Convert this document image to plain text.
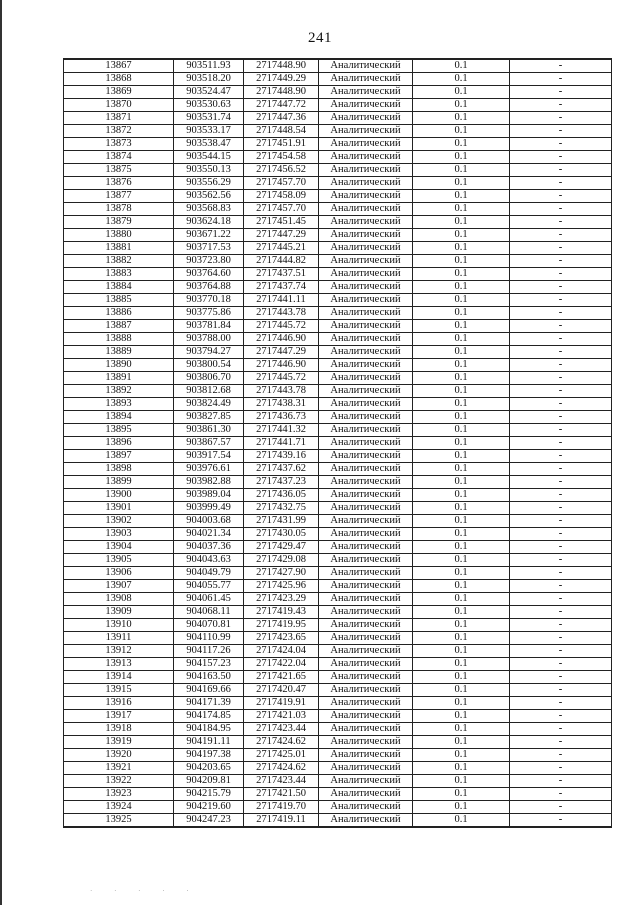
241
13867	903511.93	2717448.90	Аналитический	0.1	-
13868	903518.20	2717449.29	Аналитический	0.1	-
13869	903524.47	2717448.90	Аналитический	0.1	-
13870	903530.63	2717447.72	Аналитический	0.1	-
13871	903531.74	2717447.36	Аналитический	0.1	-
13872	903533.17	2717448.54	Аналитический	0.1	-
13873	903538.47	2717451.91	Аналитический	0.1	-
13874	903544.15	2717454.58	Аналитический	0.1	-
13875	903550.13	2717456.52	Аналитический	0.1	-
13876	903556.29	2717457.70	Аналитический	0.1	-
13877	903562.56	2717458.09	Аналитический	0.1	-
13878	903568.83	2717457.70	Аналитический	0.1	-
13879	903624.18	2717451.45	Аналитический	0.1	-
13880	903671.22	2717447.29	Аналитический	0.1	-
13881	903717.53	2717445.21	Аналитический	0.1	-
13882	903723.80	2717444.82	Аналитический	0.1	-
13883	903764.60	2717437.51	Аналитический	0.1	-
13884	903764.88	2717437.74	Аналитический	0.1	-
13885	903770.18	2717441.11	Аналитический	0.1	-
13886	903775.86	2717443.78	Аналитический	0.1	-
13887	903781.84	2717445.72	Аналитический	0.1	-
13888	903788.00	2717446.90	Аналитический	0.1	-
13889	903794.27	2717447.29	Аналитический	0.1	-
13890	903800.54	2717446.90	Аналитический	0.1	-
13891	903806.70	2717445.72	Аналитический	0.1	-
13892	903812.68	2717443.78	Аналитический	0.1	-
13893	903824.49	2717438.31	Аналитический	0.1	-
13894	903827.85	2717436.73	Аналитический	0.1	-
13895	903861.30	2717441.32	Аналитический	0.1	-
13896	903867.57	2717441.71	Аналитический	0.1	-
13897	903917.54	2717439.16	Аналитический	0.1	-
13898	903976.61	2717437.62	Аналитический	0.1	-
13899	903982.88	2717437.23	Аналитический	0.1	-
13900	903989.04	2717436.05	Аналитический	0.1	-
13901	903999.49	2717432.75	Аналитический	0.1	-
13902	904003.68	2717431.99	Аналитический	0.1	-
13903	904021.34	2717430.05	Аналитический	0.1	-
13904	904037.36	2717429.47	Аналитический	0.1	-
13905	904043.63	2717429.08	Аналитический	0.1	-
13906	904049.79	2717427.90	Аналитический	0.1	-
13907	904055.77	2717425.96	Аналитический	0.1	-
13908	904061.45	2717423.29	Аналитический	0.1	-
13909	904068.11	2717419.43	Аналитический	0.1	-
13910	904070.81	2717419.95	Аналитический	0.1	-
13911	904110.99	2717423.65	Аналитический	0.1	-
13912	904117.26	2717424.04	Аналитический	0.1	-
13913	904157.23	2717422.04	Аналитический	0.1	-
13914	904163.50	2717421.65	Аналитический	0.1	-
13915	904169.66	2717420.47	Аналитический	0.1	-
13916	904171.39	2717419.91	Аналитический	0.1	-
13917	904174.85	2717421.03	Аналитический	0.1	-
13918	904184.95	2717423.44	Аналитический	0.1	-
13919	904191.11	2717424.62	Аналитический	0.1	-
13920	904197.38	2717425.01	Аналитический	0.1	-
13921	904203.65	2717424.62	Аналитический	0.1	-
13922	904209.81	2717423.44	Аналитический	0.1	-
13923	904215.79	2717421.50	Аналитический	0.1	-
13924	904219.60	2717419.70	Аналитический	0.1	-
13925	904247.23	2717419.11	Аналитический	0.1	-
· · · · ·
